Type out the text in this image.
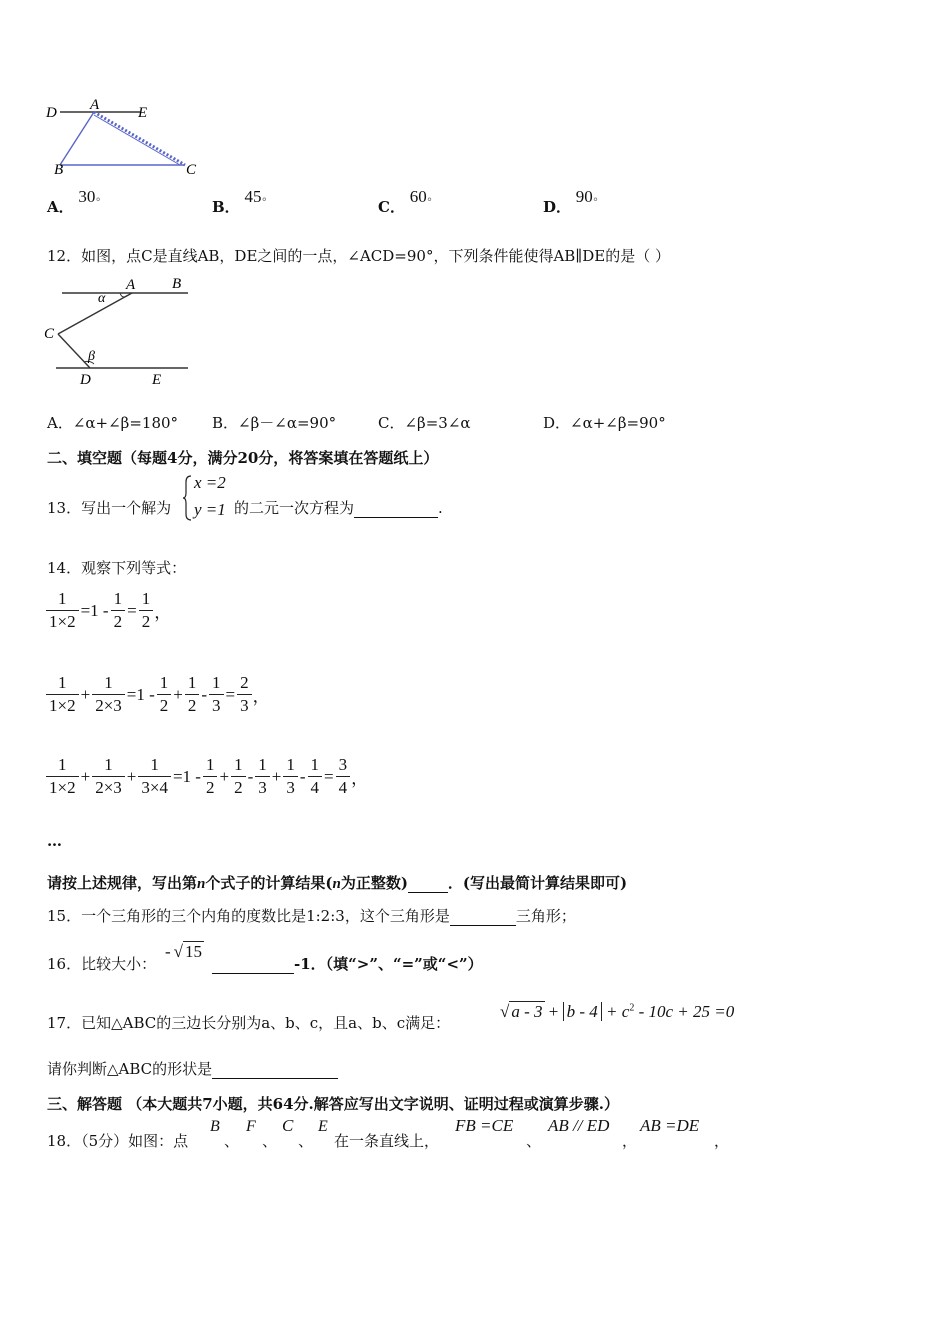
D A	E
B	C
A． 30°	B． 45°	C． 60°	D． 90°
12．如图，点C是直线AB，DE之间的一点，∠ACD=90°，下列条件能使得AB∥DE的是（ ）
α
A B
C
β
D	E
A．∠α+∠β=180° B．∠β－∠α=90°	C．∠β=3∠α	D．∠α+∠β=90°
二、填空题（每题4分，满分20分，将答案填在答题纸上）
13．写出一个解为
x =2
y =1 的二元一次方程为	.
14．观察下列等式：
$\frac{1}{1\times 2} =1 - \frac{1}{2} = \frac{1}{2}$ ，
$\frac{1}{1\times 2} + \frac{1}{2\times 3} =1 - \frac{1}{2} + \frac{1}{2} - \frac{1}{3} = \frac{2}{3}$ ，
$\frac{1}{1\times 2} + \frac{1}{2\times 3} + \frac{1}{3\times 4} =1 - \frac{1}{2} + \frac{1}{2} - \frac{1}{3} + \frac{1}{3} - \frac{1}{4} = \frac{3}{4}$ ，
…
请按上述规律，写出第n个式子的计算结果(n为正整数)	．(写出最简计算结果即可)
15．一个三角形的三个内角的度数比是1:2:3，这个三角形是	三角形；
16．比较大小：
- √ 15
-1．（填“>”、“=”或“<”）
17．已知△ABC的三边长分别为a、b、c，且a、b、c满足：
√ $a - 3 + b - 4 + c^2 - 10c + 25 =0$
请你判断△ABC的形状是
三、解答题 （本大题共7小题，共64分.解答应写出文字说明、证明过程或演算步骤.）
18．（5分）如图：点
B
、
F
、
C
、
E
在一条直线上，
FB =CE
、
AB // ED
，
AB =DE
，
